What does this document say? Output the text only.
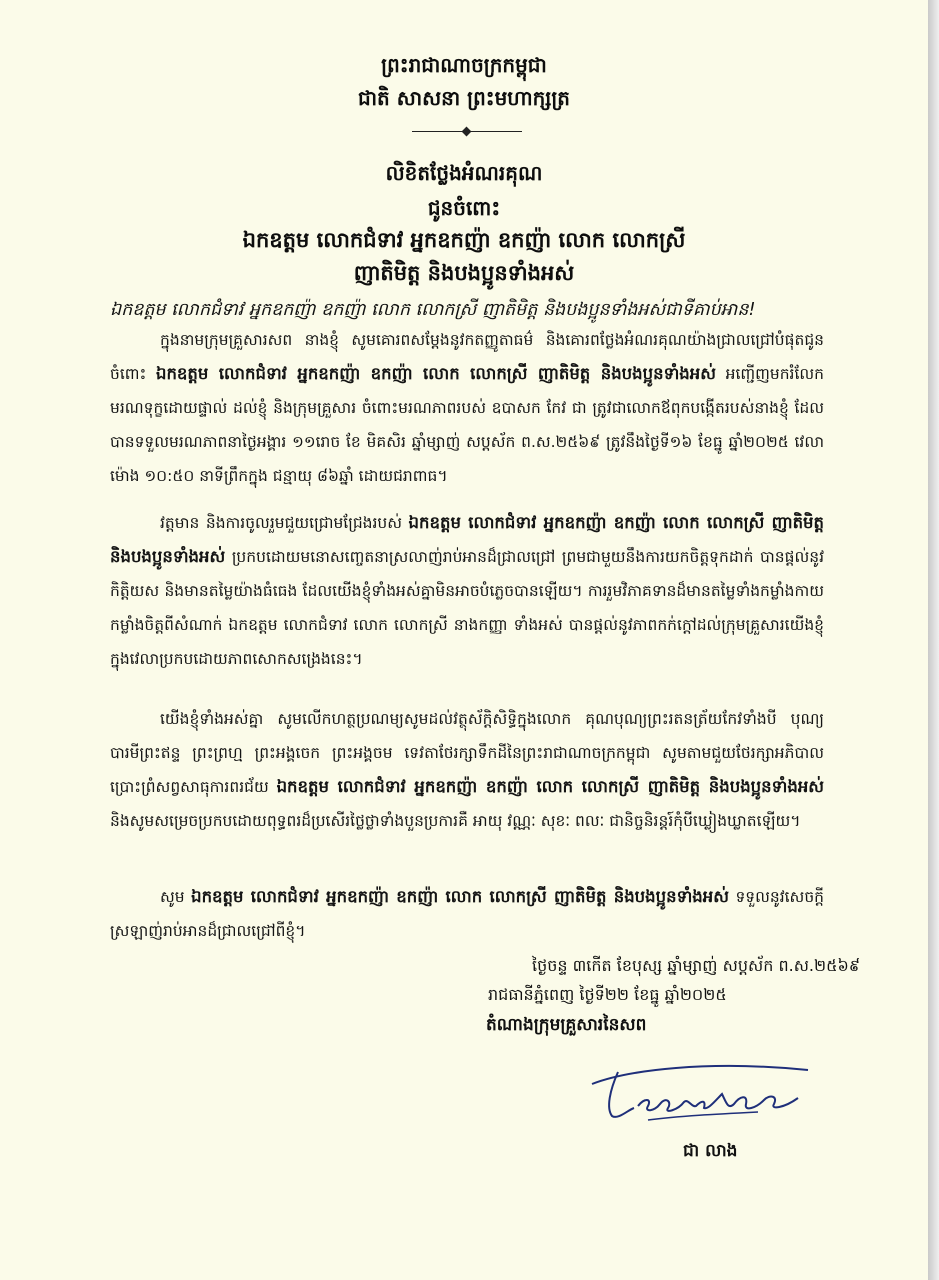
ព្រះរាជាណាចក្រកម្ពុជា
ជាតិ សាសនា ព្រះមហាក្សត្រ
លិខិតថ្លែងអំណរគុណ
ជូនចំពោះ
ឯកឧត្តម លោកជំទាវ អ្នកឧកញ៉ា ឧកញ៉ា លោក លោកស្រី
ញាតិមិត្ត និងបងប្អូនទាំងអស់
ឯកឧត្តម លោកជំទាវ អ្នកឧកញ៉ា ឧកញ៉ា លោក លោកស្រី ញាតិមិត្ត និងបងប្អូនទាំងអស់ជាទីគាប់អាន!
ក្នុងនាមក្រុមគ្រួសារសព នាងខ្ញុំ សូមគោរពសម្ដែងនូវកតញ្ញូតាធម៌ និងគោរពថ្លែងអំណរគុណយ៉ាងជ្រាលជ្រៅបំផុតជូនចំពោះ ឯកឧត្តម លោកជំទាវ អ្នកឧកញ៉ា ឧកញ៉ា លោក លោកស្រី ញាតិមិត្ត និងបងប្អូនទាំងអស់ អញ្ជើញមករំលែកមរណទុក្ខដោយផ្ទាល់ ដល់ខ្ញុំ និងក្រុមគ្រួសារ ចំពោះមរណភាពរបស់ ឧបាសក កែវ ជា ត្រូវជាលោកឪពុកបង្កើតរបស់នាងខ្ញុំ ដែលបានទទួលមរណភាពនាថ្ងៃអង្គារ ១១រោច ខែ មិគសិរ ឆ្នាំម្សាញ់ សប្តស័ក ព.ស.២៥៦៩ ត្រូវនឹងថ្ងៃទី១៦ ខែធ្នូ ឆ្នាំ២០២៥ វេលាម៉ោង ១០:៥០ នាទីព្រឹកក្នុង ជន្មាយុ ៨៦ឆ្នាំ ដោយជរាពាធ។
វត្តមាន និងការចូលរួមជួយជ្រោមជ្រែងរបស់ ឯកឧត្តម លោកជំទាវ អ្នកឧកញ៉ា ឧកញ៉ា លោក លោកស្រី ញាតិមិត្ត និងបងប្អូនទាំងអស់ ប្រកបដោយមនោសញ្ចេតនាស្រលាញ់រាប់អានដ៏ជ្រាលជ្រៅ ព្រមជាមួយនឹងការយកចិត្តទុកដាក់ បានផ្តល់នូវកិត្តិយស និងមានតម្លៃយ៉ាងធំធេង ដែលយើងខ្ញុំទាំងអស់គ្នាមិនអាចបំភ្លេចបានឡើយ។ ការរួមវិភាគទានដ៏មានតម្លៃទាំងកម្លាំងកាយ កម្លាំងចិត្តពីសំណាក់ ឯកឧត្តម លោកជំទាវ លោក លោកស្រី នាងកញ្ញា ទាំងអស់ បានផ្តល់នូវភាពកក់ក្តៅដល់ក្រុមគ្រួសារយើងខ្ញុំ ក្នុងវេលាប្រកបដោយភាពសោកសង្រេងនេះ។
យើងខ្ញុំទាំងអស់គ្នា សូមលើកហត្ថប្រណម្យសូមដល់វត្ថុស័ក្តិសិទ្ធិក្នុងលោក គុណបុណ្យព្រះរតនត្រ័យកែវទាំងបី បុណ្យបារមីព្រះឥន្ទ ព្រះព្រហ្ម ព្រះអង្គចេក ព្រះអង្គចម ទេវតាថែរក្សាទឹកដីនៃព្រះរាជាណាចក្រកម្ពុជា សូមតាមជួយថែរក្សាអភិបាលប្រោះព្រំសព្វសាធុការពរជ័យ ឯកឧត្តម លោកជំទាវ អ្នកឧកញ៉ា ឧកញ៉ា លោក លោកស្រី ញាតិមិត្ត និងបងប្អូនទាំងអស់ និងសូមសម្រេចប្រកបដោយពុទ្ធពរដ៏ប្រសើរថ្លៃថ្លាទាំងបួនប្រការគឺ អាយុ វណ្ណៈ សុខៈ ពលៈ ជានិច្ចនិរន្តរ៍កុំបីឃ្លៀងឃ្លាតឡើយ។
សូម ឯកឧត្តម លោកជំទាវ អ្នកឧកញ៉ា ឧកញ៉ា លោក លោកស្រី ញាតិមិត្ត និងបងប្អូនទាំងអស់ ទទួលនូវសេចក្តីស្រឡាញ់រាប់អានដ៏ជ្រាលជ្រៅពីខ្ញុំ។
ថ្ងៃចន្ទ ៣កើត ខែបុស្ស ឆ្នាំម្សាញ់ សប្តស័ក ព.ស.២៥៦៩
រាជធានីភ្នំពេញ ថ្ងៃទី២២ ខែធ្នូ ឆ្នាំ២០២៥
តំណាងក្រុមគ្រួសារនៃសព
ជា លាង
